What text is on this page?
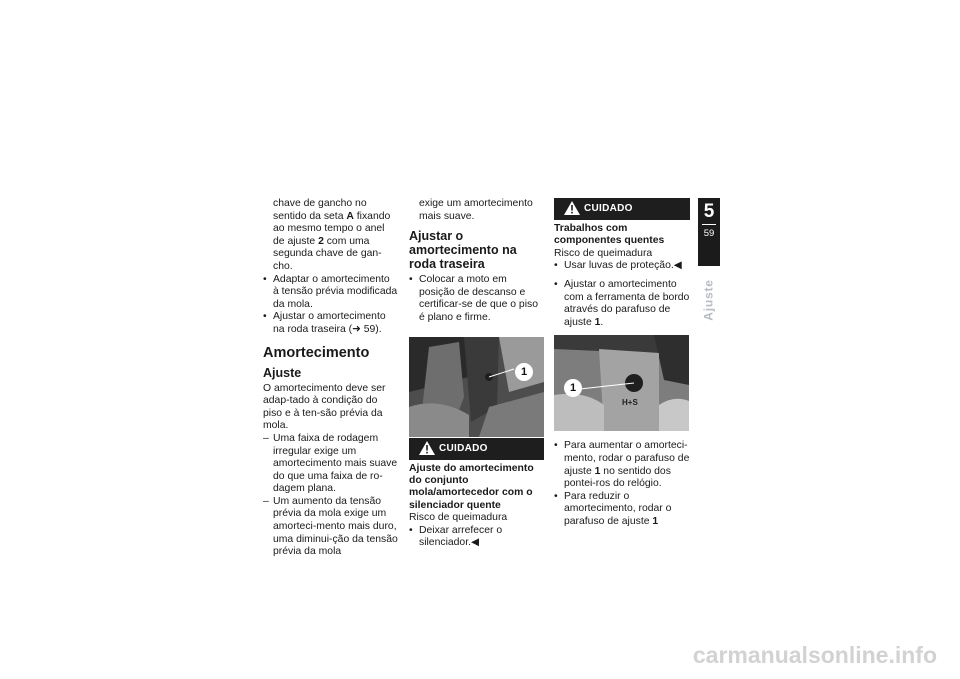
chave de gancho no sentido da seta A fixando ao mesmo tempo o anel de ajuste 2 com uma segunda chave de gan-cho.

• Adaptar o amortecimento à tensão prévia modificada da mola.

• Ajustar o amortecimento na roda traseira (➜ 59).

Amortecimento
Ajuste

O amortecimento deve ser adap-tado à condição do piso e à ten-são prévia da mola.

– Uma faixa de rodagem irregular exige um amortecimento mais suave do que uma faixa de ro-dagem plana.

– Um aumento da tensão prévia da mola exige um amorteci-mento mais duro, uma diminui-ção da tensão prévia da mola

exige um amortecimento mais suave.

Ajustar o amortecimento na roda traseira

• Colocar a moto em posição de descanso e certificar-se de que o piso é plano e firme.

1
CUIDADO

Ajuste do amortecimento do conjunto mola/amortecedor com o silenciador quente

Risco de queimadura

• Deixar arrefecer o silenciador.◀

CUIDADO

Trabalhos com componentes quentes

Risco de queimadura

• Usar luvas de proteção.◀

• Ajustar o amortecimento com a ferramenta de bordo através do parafuso de ajuste 1.

1
H+S

• Para aumentar o amorteci-mento, rodar o parafuso de ajuste 1 no sentido dos pontei-ros do relógio.

• Para reduzir o amortecimento, rodar o parafuso de ajuste 1

5
59
Ajuste
carmanualsonline.info
